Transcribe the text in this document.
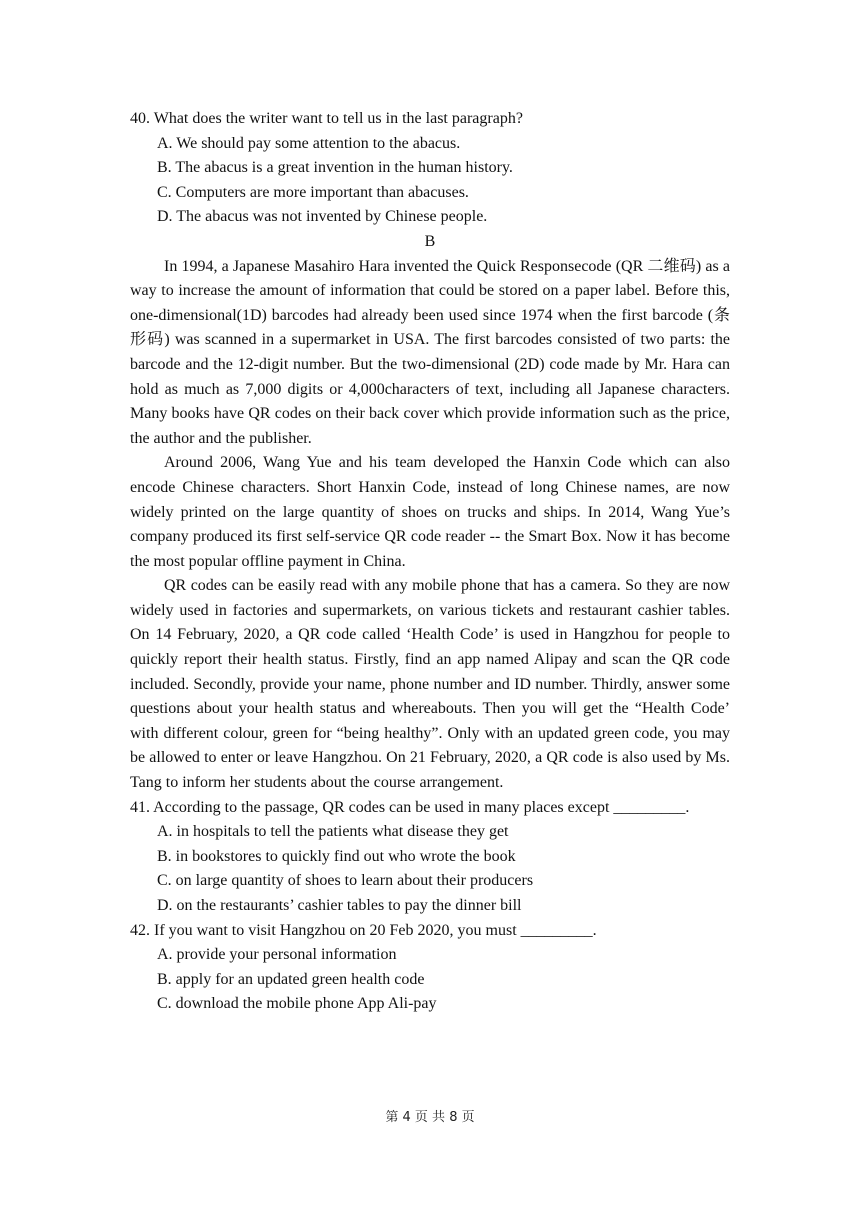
40. What does the writer want to tell us in the last paragraph?
A. We should pay some attention to the abacus.
B. The abacus is a great invention in the human history.
C. Computers are more important than abacuses.
D. The abacus was not invented by Chinese people.
B

In 1994, a Japanese Masahiro Hara invented the Quick Responsecode (QR 二维码) as a way to increase the amount of information that could be stored on a paper label. Before this, one-dimensional(1D) barcodes had already been used since 1974 when the first barcode (条形码) was scanned in a supermarket in USA. The first barcodes consisted of two parts: the barcode and the 12-digit number. But the two-dimensional (2D) code made by Mr. Hara can hold as much as 7,000 digits or 4,000characters of text, including all Japanese characters. Many books have QR codes on their back cover which provide information such as the price, the author and the publisher.

Around 2006, Wang Yue and his team developed the Hanxin Code which can also encode Chinese characters. Short Hanxin Code, instead of long Chinese names, are now widely printed on the large quantity of shoes on trucks and ships. In 2014, Wang Yue’s company produced its first self-service QR code reader -- the Smart Box. Now it has become the most popular offline payment in China.

QR codes can be easily read with any mobile phone that has a camera. So they are now widely used in factories and supermarkets, on various tickets and restaurant cashier tables. On 14 February, 2020, a QR code called ‘Health Code’ is used in Hangzhou for people to quickly report their health status. Firstly, find an app named Alipay and scan the QR code included. Secondly, provide your name, phone number and ID number. Thirdly, answer some questions about your health status and whereabouts. Then you will get the “Health Code’ with different colour, green for “being healthy”. Only with an updated green code, you may be allowed to enter or leave Hangzhou. On 21 February, 2020, a QR code is also used by Ms. Tang to inform her students about the course arrangement.

41. According to the passage, QR codes can be used in many places except _________.

A. in hospitals to tell the patients what disease they get
B. in bookstores to quickly find out who wrote the book
C. on large quantity of shoes to learn about their producers
D. on the restaurants’ cashier tables to pay the dinner bill
42. If you want to visit Hangzhou on 20 Feb 2020, you must _________.
A. provide your personal information
B. apply for an updated green health code
C. download the mobile phone App Ali-pay
第 4 页 共 8 页
